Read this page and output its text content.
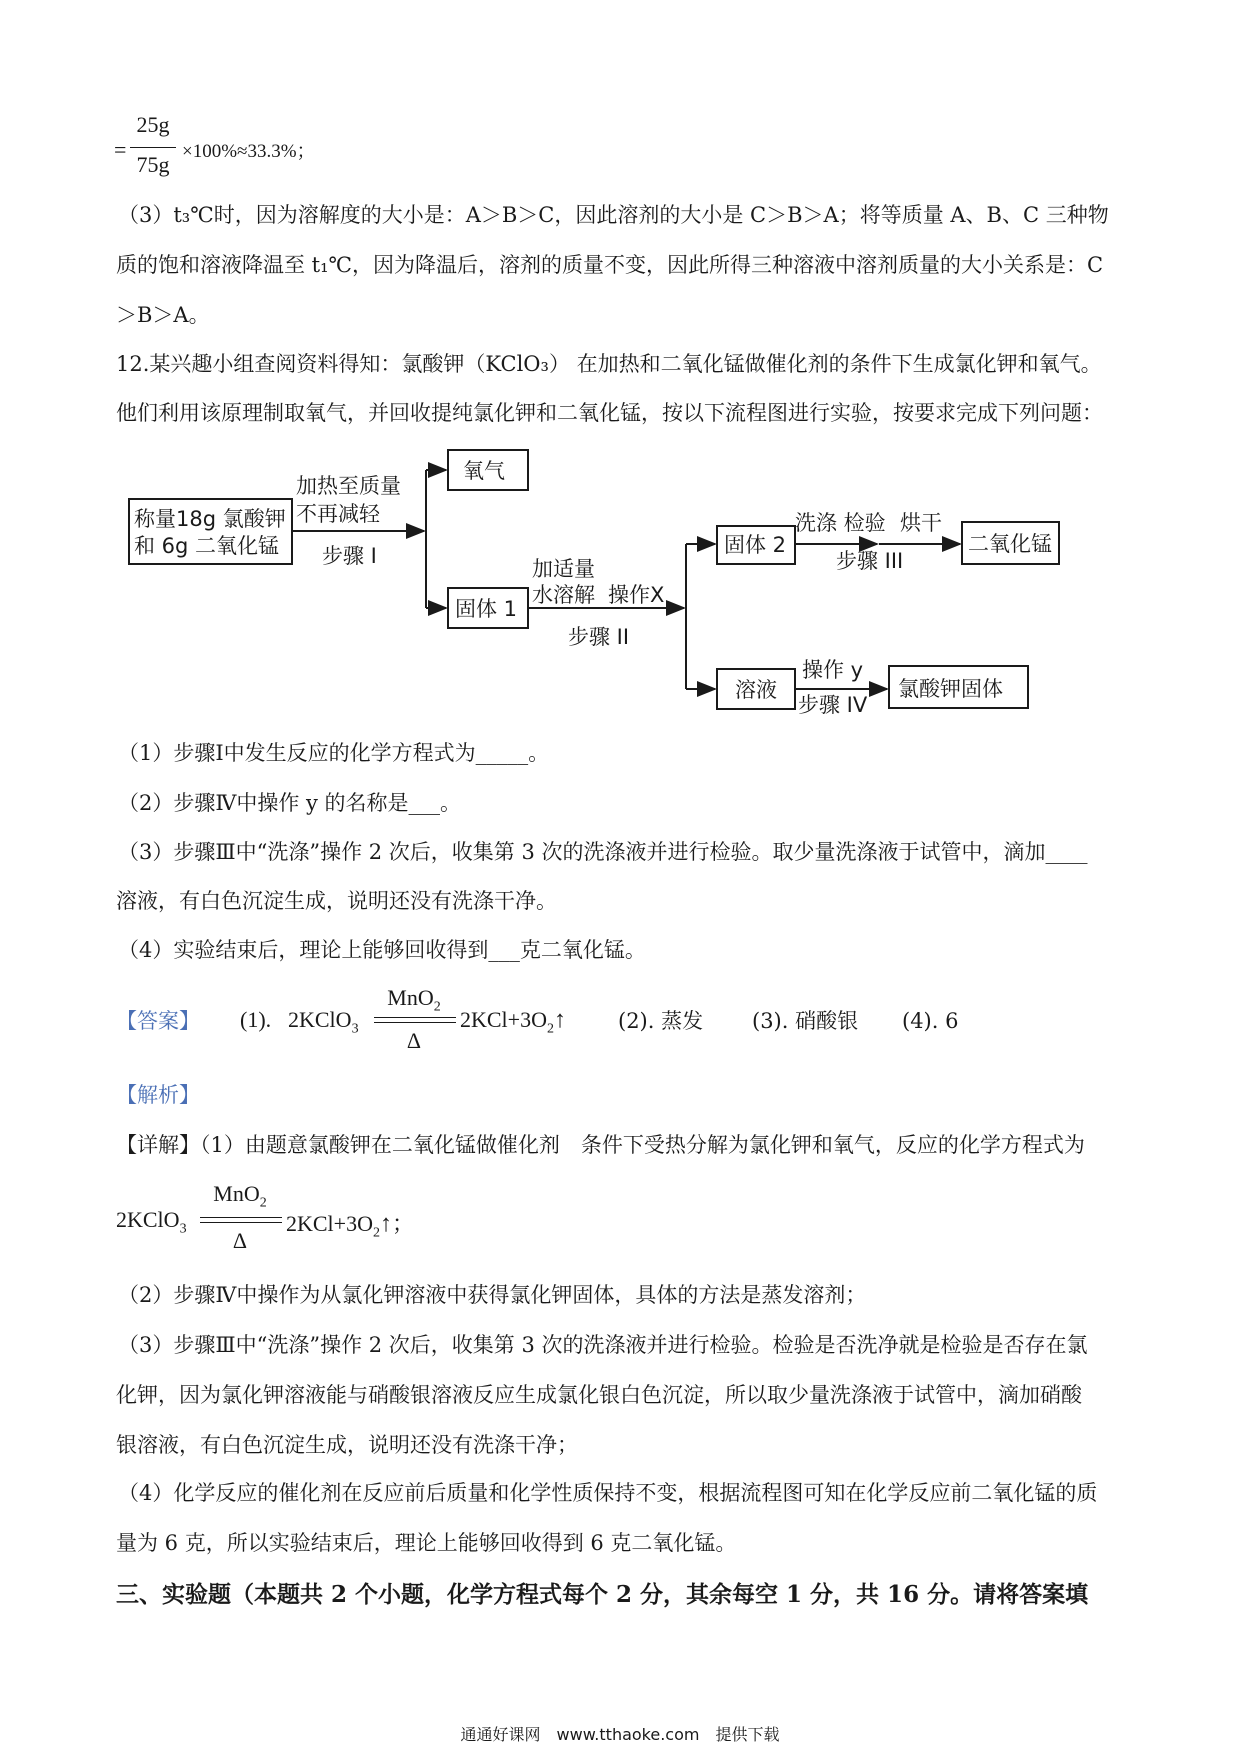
=
25g
75g
×100%≈33.3%；
（3）t₃℃时，因为溶解度的大小是：A＞B＞C，因此溶剂的大小是 C＞B＞A；将等质量 A、B、C 三种物
质的饱和溶液降温至 t₁℃，因为降温后，溶剂的质量不变，因此所得三种溶液中溶剂质量的大小关系是：C
＞B＞A。
12.某兴趣小组查阅资料得知：氯酸钾（KClO₃） 在加热和二氧化锰做催化剂的条件下生成氯化钾和氧气。
他们利用该原理制取氧气，并回收提纯氯化钾和二氧化锰，按以下流程图进行实验，按要求完成下列问题：
称量18g 氯酸钾
和 6g 二氧化锰
加热至质量
不再减轻
步骤 I
氧气
固体 1
加适量
水溶解 操作X
步骤 II
固体 2
洗涤 检验 烘干
步骤 III
二氧化锰
溶液
操作 y
步骤 IV
氯酸钾固体
（1）步骤Ⅰ中发生反应的化学方程式为_____。
（2）步骤Ⅳ中操作 y 的名称是___。
（3）步骤Ⅲ中“洗涤”操作 2 次后，收集第 3 次的洗涤液并进行检验。取少量洗涤液于试管中，滴加____
溶液，有白色沉淀生成，说明还没有洗涤干净。
（4）实验结束后，理论上能够回收得到___克二氧化锰。
【答案】 (1). 2KClO$_3$
MnO$_2$
Δ
$2KCl+3O_2↑$ (2). 蒸发 (3). 硝酸银 (4). 6
【解析】
【详解】（1）由题意氯酸钾在二氧化锰做催化剂　条件下受热分解为氯化钾和氧气，反应的化学方程式为
2KClO$_3$
MnO$_2$
Δ
$2KCl+3O_2↑$；
（2）步骤Ⅳ中操作为从氯化钾溶液中获得氯化钾固体，具体的方法是蒸发溶剂；
（3）步骤Ⅲ中“洗涤”操作 2 次后，收集第 3 次的洗涤液并进行检验。检验是否洗净就是检验是否存在氯
化钾，因为氯化钾溶液能与硝酸银溶液反应生成氯化银白色沉淀，所以取少量洗涤液于试管中，滴加硝酸
银溶液，有白色沉淀生成，说明还没有洗涤干净；
（4）化学反应的催化剂在反应前后质量和化学性质保持不变，根据流程图可知在化学反应前二氧化锰的质
量为 6 克，所以实验结束后，理论上能够回收得到 6 克二氧化锰。
三、实验题（本题共 2 个小题，化学方程式每个 2 分，其余每空 1 分，共 16 分。请将答案填
通通好课网　www.tthaoke.com　提供下载
